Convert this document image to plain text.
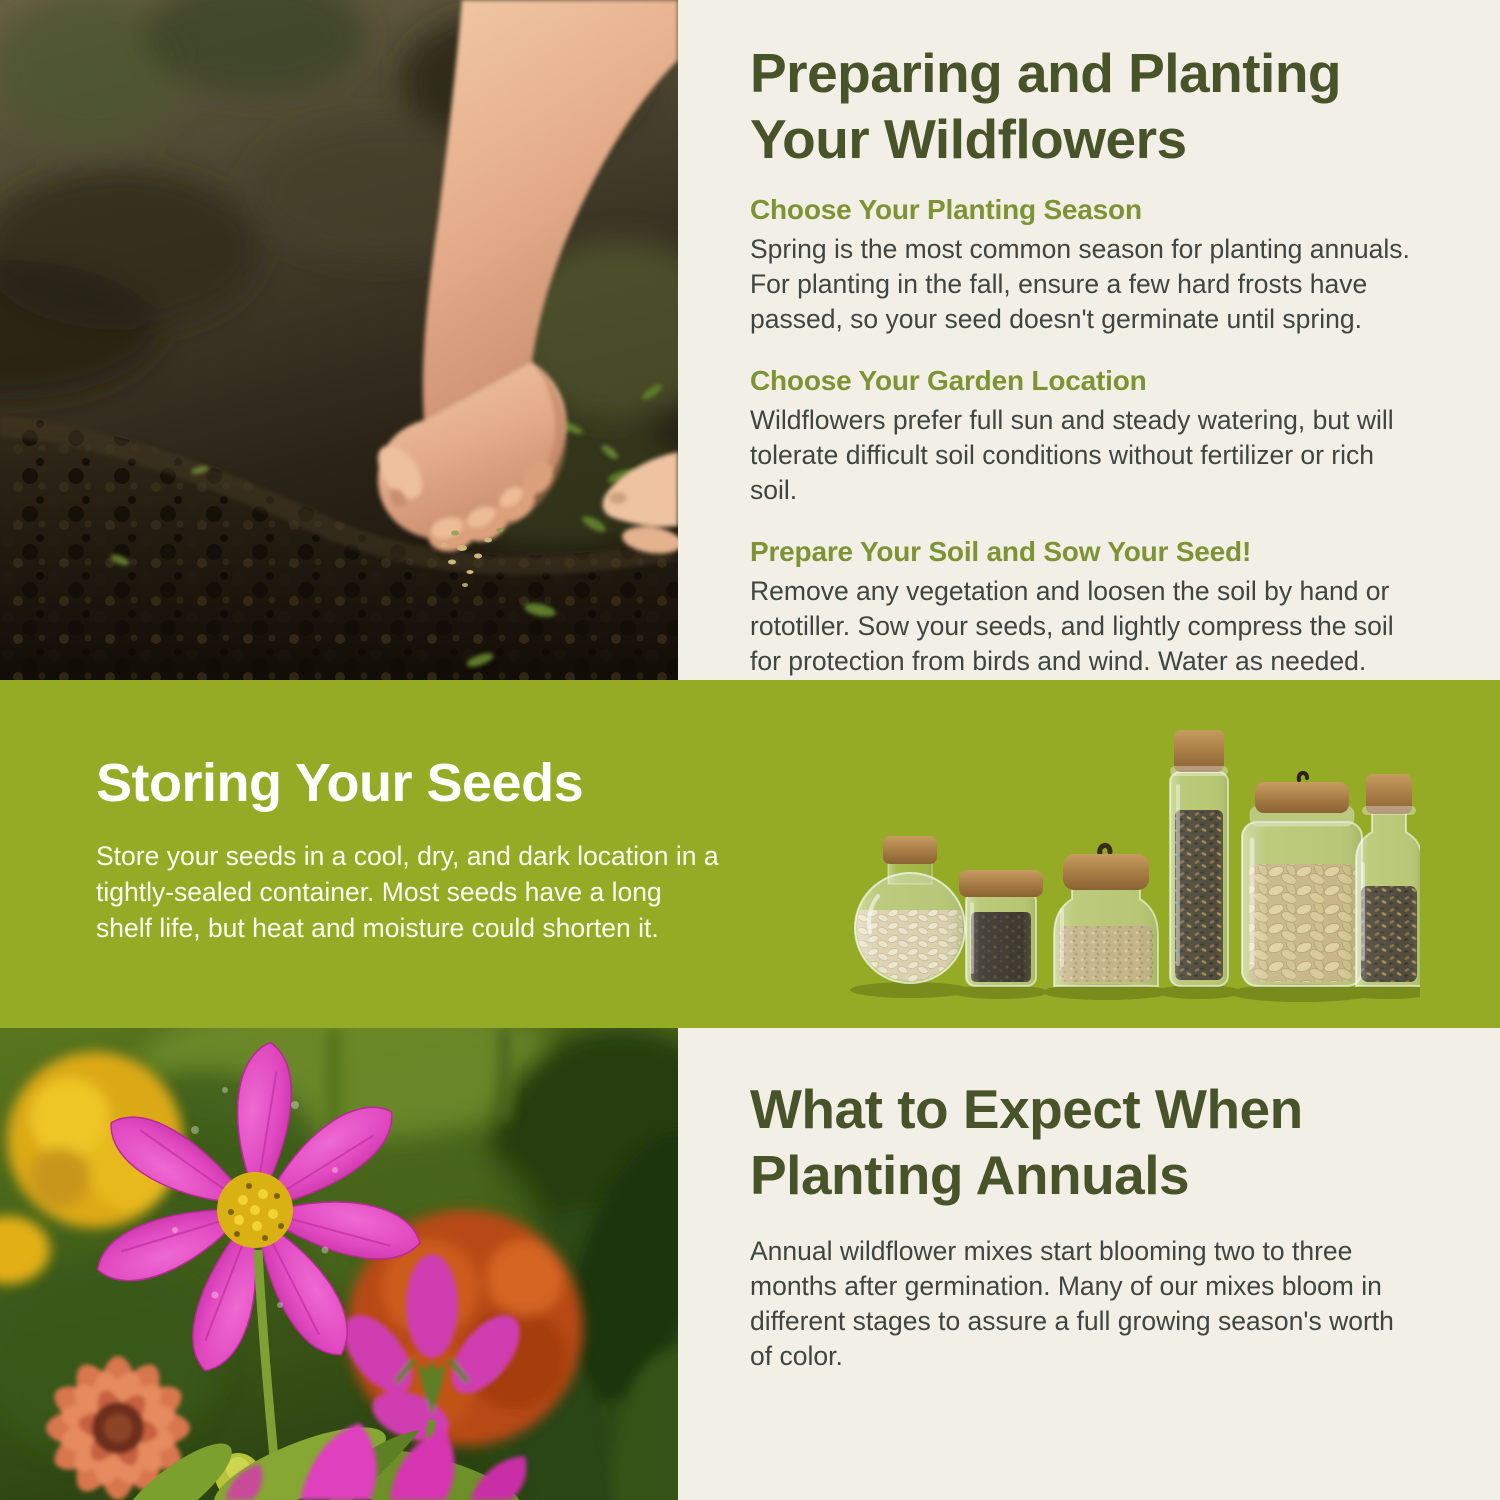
Preparing and Planting
Your Wildflowers
Choose Your Planting Season

Spring is the most common season for planting annuals. For planting in the fall, ensure a few hard frosts have passed, so your seed doesn't germinate until spring.

Choose Your Garden Location

Wildflowers prefer full sun and steady watering, but will tolerate difficult soil conditions without fertilizer or rich soil.

Prepare Your Soil and Sow Your Seed!

Remove any vegetation and loosen the soil by hand or rototiller. Sow your seeds, and lightly compress the soil for protection from birds and wind. Water as needed.

Storing Your Seeds

Store your seeds in a cool, dry, and dark location in a tightly-sealed container. Most seeds have a long shelf life, but heat and moisture could shorten it.

What to Expect When
Planting Annuals

Annual wildflower mixes start blooming two to three months after germination. Many of our mixes bloom in different stages to assure a full growing season's worth of color.
